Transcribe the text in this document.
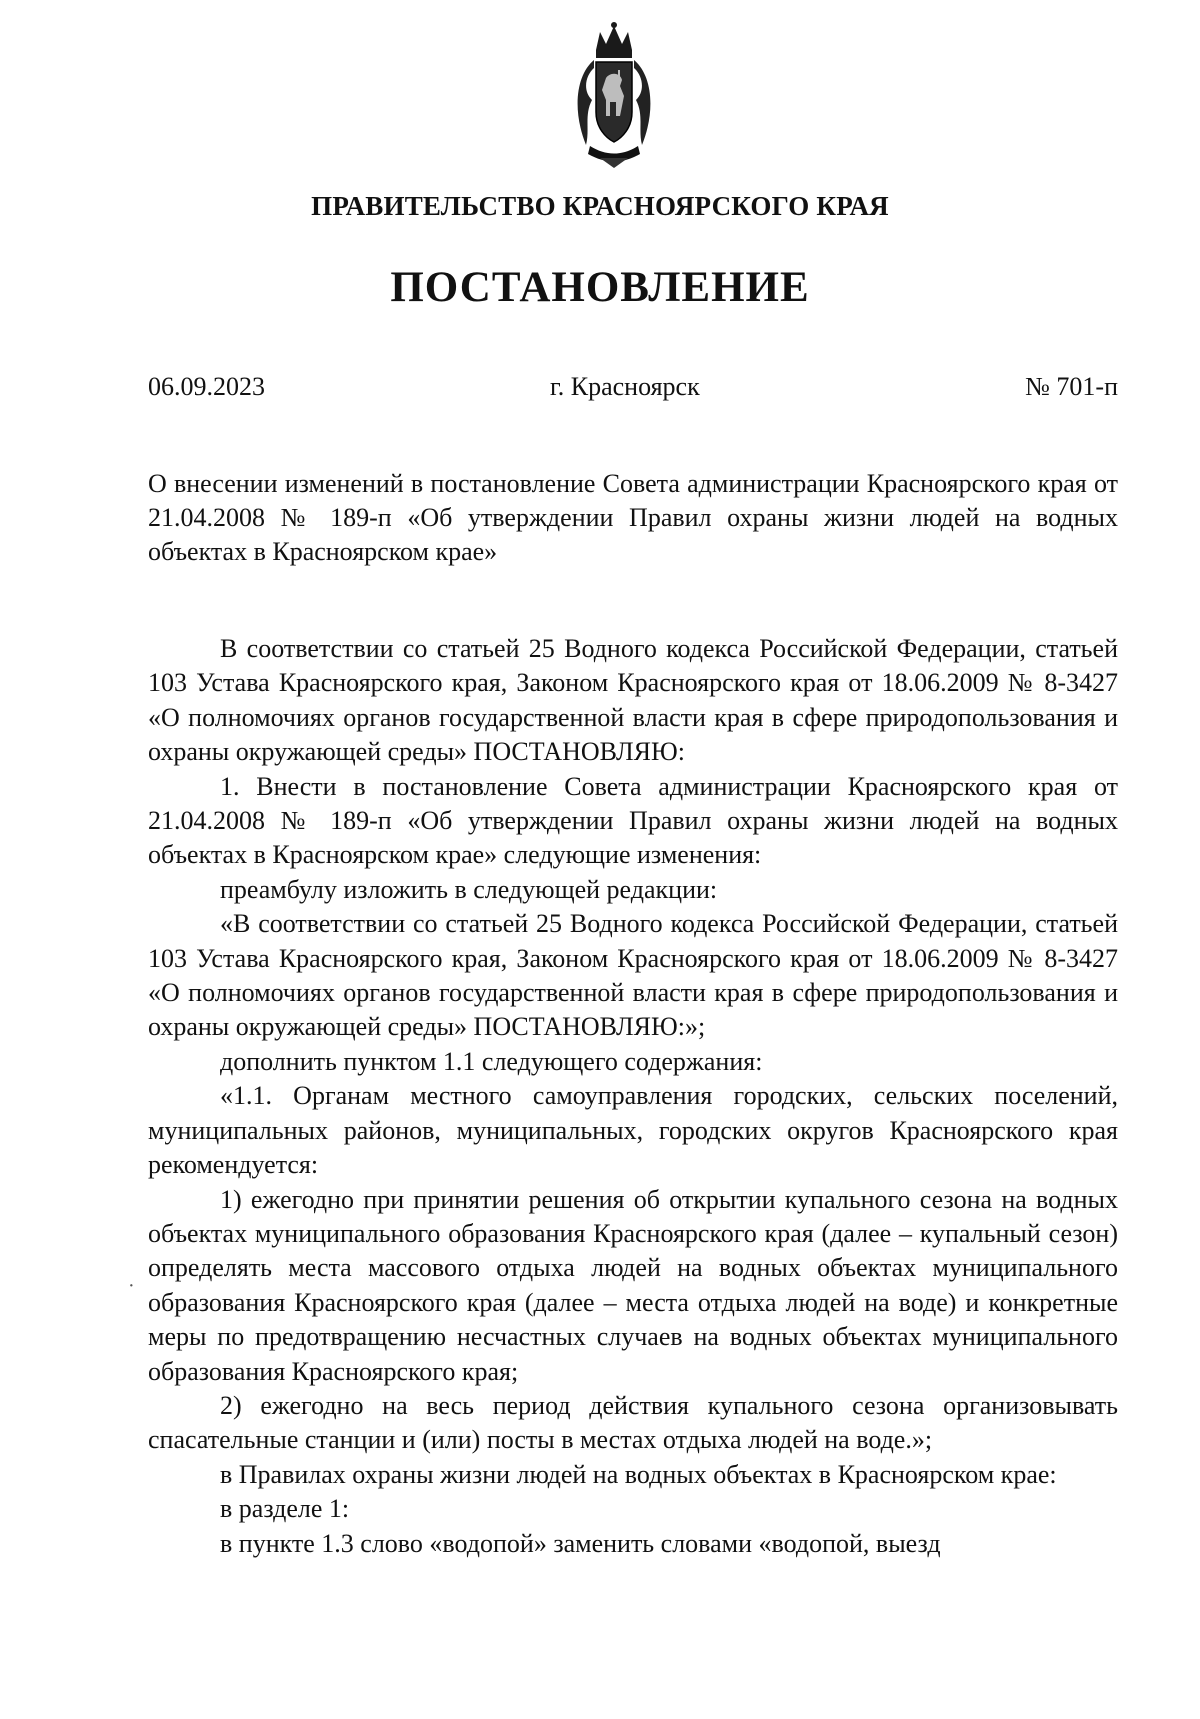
ПРАВИТЕЛЬСТВО КРАСНОЯРСКОГО КРАЯ
ПОСТАНОВЛЕНИЕ
06.09.2023	г. Красноярск	№ 701-п
О внесении изменений в постановление Совета администрации Красноярского края от 21.04.2008 № 189-п «Об утверждении Правил охраны жизни людей на водных объектах в Красноярском крае»

В соответствии со статьей 25 Водного кодекса Российской Федерации, статьей 103 Устава Красноярского края, Законом Красноярского края от 18.06.2009 № 8-3427 «О полномочиях органов государственной власти края в сфере природопользования и охраны окружающей среды» ПОСТАНОВЛЯЮ:

1. Внести в постановление Совета администрации Красноярского края от 21.04.2008 № 189-п «Об утверждении Правил охраны жизни людей на водных объектах в Красноярском крае» следующие изменения:

преамбулу изложить в следующей редакции:

«В соответствии со статьей 25 Водного кодекса Российской Федерации, статьей 103 Устава Красноярского края, Законом Красноярского края от 18.06.2009 № 8-3427 «О полномочиях органов государственной власти края в сфере природопользования и охраны окружающей среды» ПОСТАНОВЛЯЮ:»;

дополнить пунктом 1.1 следующего содержания:

«1.1. Органам местного самоуправления городских, сельских поселений, муниципальных районов, муниципальных, городских округов Красноярского края рекомендуется:

1) ежегодно при принятии решения об открытии купального сезона на водных объектах муниципального образования Красноярского края (далее – купальный сезон) определять места массового отдыха людей на водных объектах муниципального образования Красноярского края (далее – места отдыха людей на воде) и конкретные меры по предотвращению несчастных случаев на водных объектах муниципального образования Красноярского края;

2) ежегодно на весь период действия купального сезона организовывать спасательные станции и (или) посты в местах отдыха людей на воде.»;

в Правилах охраны жизни людей на водных объектах в Красноярском крае:

в разделе 1:

в пункте 1.3 слово «водопой» заменить словами «водопой, выезд

·
